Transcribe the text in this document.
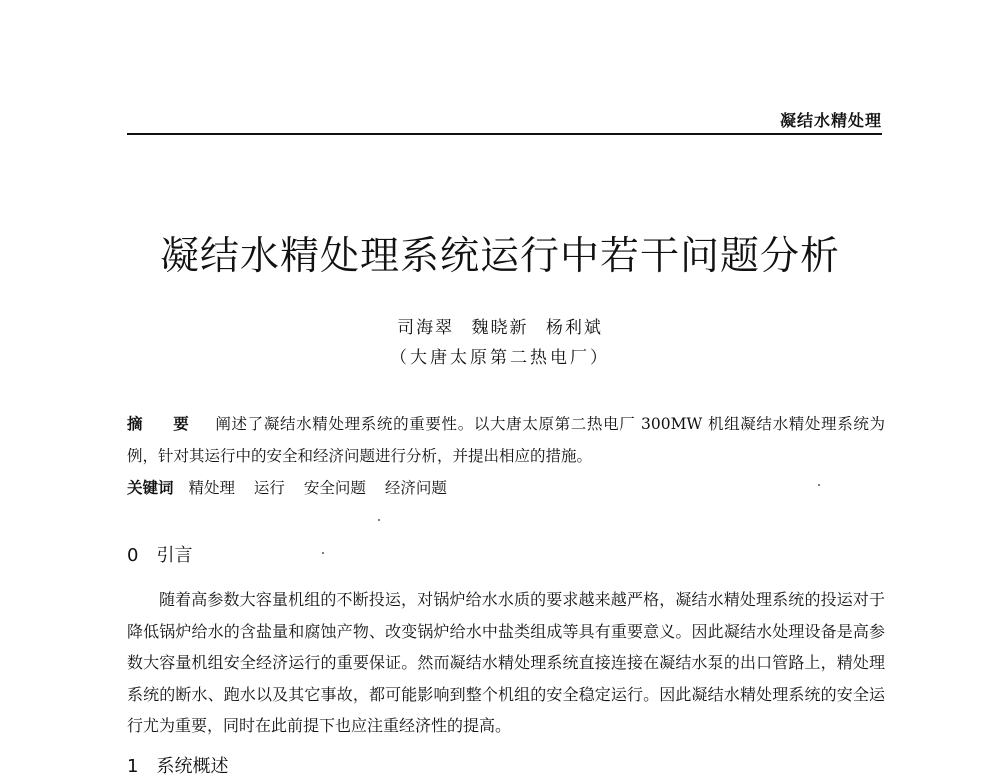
凝结水精处理
凝结水精处理系统运行中若干问题分析
司海翠 魏晓新 杨利斌
（大唐太原第二热电厂）
摘 要 阐述了凝结水精处理系统的重要性。以大唐太原第二热电厂 300MW 机组凝结水精处理系统为例，针对其运行中的安全和经济问题进行分析，并提出相应的措施。
关键词 精处理 运行 安全问题 经济问题
0 引言
随着高参数大容量机组的不断投运，对锅炉给水水质的要求越来越严格，凝结水精处理系统的投运对于降低锅炉给水的含盐量和腐蚀产物、改变锅炉给水中盐类组成等具有重要意义。因此凝结水处理设备是高参数大容量机组安全经济运行的重要保证。然而凝结水精处理系统直接连接在凝结水泵的出口管路上，精处理系统的断水、跑水以及其它事故，都可能影响到整个机组的安全稳定运行。因此凝结水精处理系统的安全运行尤为重要，同时在此前提下也应注重经济性的提高。
1 系统概述
